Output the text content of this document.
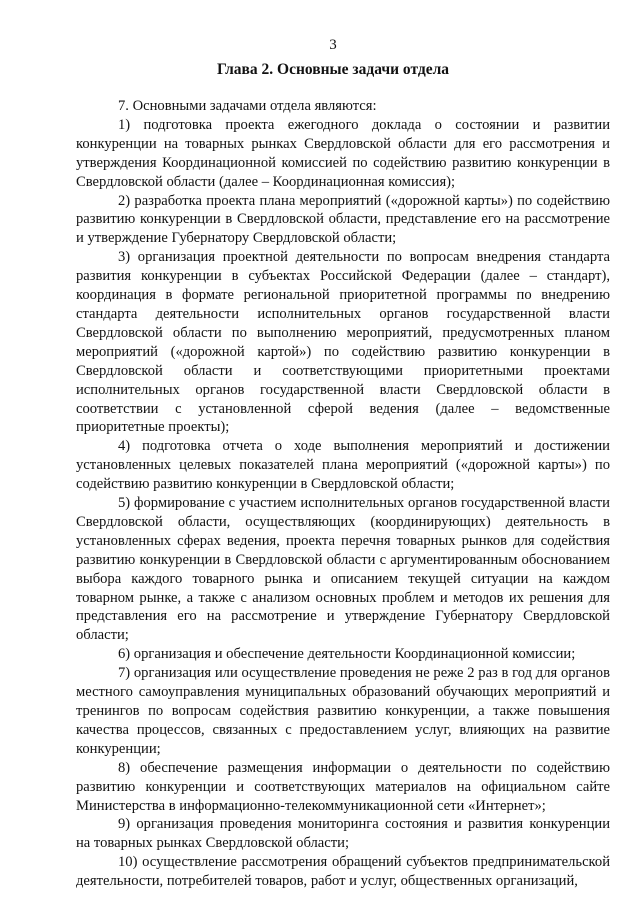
3
Глава 2. Основные задачи отдела

7. Основными задачами отдела являются:

1) подготовка проекта ежегодного доклада о состоянии и развитии конкуренции на товарных рынках Свердловской области для его рассмотрения и утверждения Координационной комиссией по содействию развитию конкуренции в Свердловской области (далее – Координационная комиссия);

2) разработка проекта плана мероприятий («дорожной карты») по содействию развитию конкуренции в Свердловской области, представление его на рассмотрение и утверждение Губернатору Свердловской области;

3) организация проектной деятельности по вопросам внедрения стандарта развития конкуренции в субъектах Российской Федерации (далее – стандарт), координация в формате региональной приоритетной программы по внедрению стандарта деятельности исполнительных органов государственной власти Свердловской области по выполнению мероприятий, предусмотренных планом мероприятий («дорожной картой») по содействию развитию конкуренции в Свердловской области и соответствующими приоритетными проектами исполнительных органов государственной власти Свердловской области в соответствии с установленной сферой ведения (далее – ведомственные приоритетные проекты);

4) подготовка отчета о ходе выполнения мероприятий и достижении установленных целевых показателей плана мероприятий («дорожной карты») по содействию развитию конкуренции в Свердловской области;

5) формирование с участием исполнительных органов государственной власти Свердловской области, осуществляющих (координирующих) деятельность в установленных сферах ведения, проекта перечня товарных рынков для содействия развитию конкуренции в Свердловской области с аргументированным обоснованием выбора каждого товарного рынка и описанием текущей ситуации на каждом товарном рынке, а также с анализом основных проблем и методов их решения для представления его на рассмотрение и утверждение Губернатору Свердловской области;

6) организация и обеспечение деятельности Координационной комиссии;

7) организация или осуществление проведения не реже 2 раз в год для органов местного самоуправления муниципальных образований обучающих мероприятий и тренингов по вопросам содействия развитию конкуренции, а также повышения качества процессов, связанных с предоставлением услуг, влияющих на развитие конкуренции;

8) обеспечение размещения информации о деятельности по содействию развитию конкуренции и соответствующих материалов на официальном сайте Министерства в информационно-телекоммуникационной сети «Интернет»;

9) организация проведения мониторинга состояния и развития конкуренции на товарных рынках Свердловской области;

10) осуществление рассмотрения обращений субъектов предпринимательской деятельности, потребителей товаров, работ и услуг, общественных организаций,
